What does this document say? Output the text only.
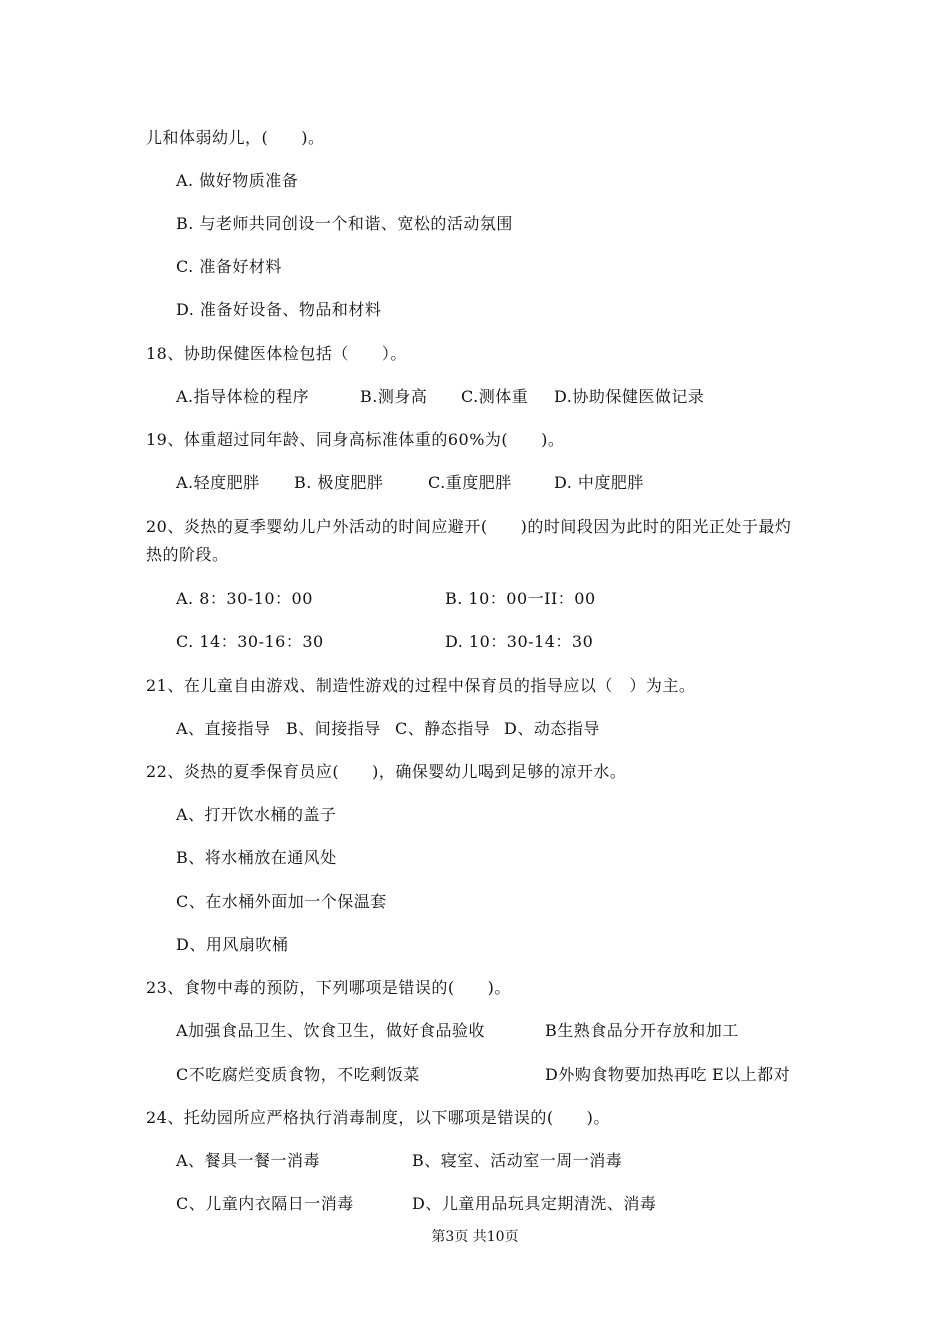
儿和体弱幼儿，(　　)。
A. 做好物质准备
B. 与老师共同创设一个和谐、宽松的活动氛围
C. 准备好材料
D. 准备好设备、物品和材料
18、协助保健医体检包括（　　）。
A.指导体检的程序	B.测身高 C.测体重 D.协助保健医做记录
19、体重超过同年龄、同身高标准体重的60%为(　　)。
A.轻度肥胖 B. 极度肥胖	C.重度肥胖	D. 中度肥胖
20、炎热的夏季婴幼儿户外活动的时间应避开(　　)的时间段因为此时的阳光正处于最灼
热的阶段。
A. 8：30-10：00	B. 10：00一II：00
C. 14：30-16：30	D. 10：30-14：30
21、在儿童自由游戏、制造性游戏的过程中保育员的指导应以（　）为主。
A、直接指导 B、间接指导 C、静态指导 D、动态指导
22、炎热的夏季保育员应(　　)，确保婴幼儿喝到足够的凉开水。
A、打开饮水桶的盖子
B、将水桶放在通风处
C、在水桶外面加一个保温套
D、用风扇吹桶
23、食物中毒的预防，下列哪项是错误的(　　)。
A加强食品卫生、饮食卫生，做好食品验收	B生熟食品分开存放和加工
C不吃腐烂变质食物，不吃剩饭菜	D外购食物要加热再吃 E以上都对
24、托幼园所应严格执行消毒制度，以下哪项是错误的(　　)。
A、餐具一餐一消毒	B、寝室、活动室一周一消毒
C、儿童内衣隔日一消毒	D、儿童用品玩具定期清洗、消毒
第3页 共10页
